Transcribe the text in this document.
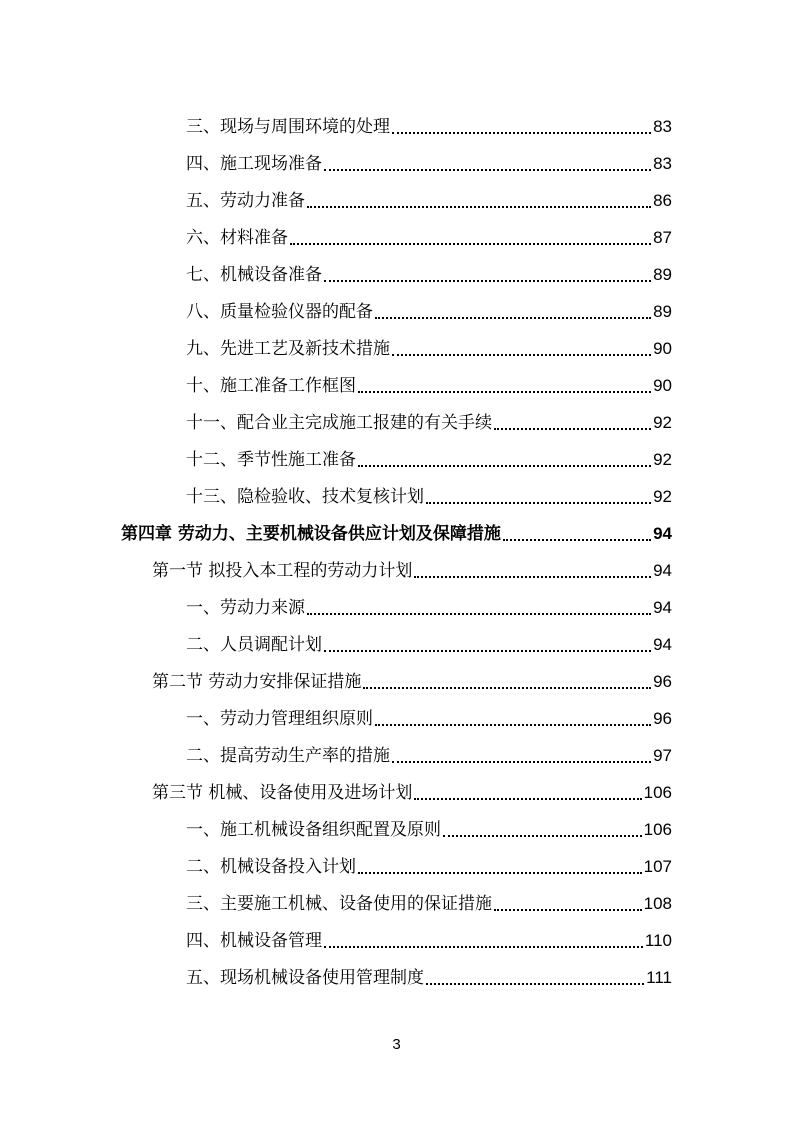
三、现场与周围环境的处理	83
四、施工现场准备	83
五、劳动力准备	86
六、材料准备	87
七、机械设备准备	89
八、质量检验仪器的配备	89
九、先进工艺及新技术措施	90
十、施工准备工作框图	90
十一、配合业主完成施工报建的有关手续	92
十二、季节性施工准备	92
十三、隐检验收、技术复核计划	92
第四章 劳动力、主要机械设备供应计划及保障措施	94
第一节 拟投入本工程的劳动力计划	94
一、劳动力来源	94
二、人员调配计划	94
第二节 劳动力安排保证措施	96
一、劳动力管理组织原则	96
二、提高劳动生产率的措施	97
第三节 机械、设备使用及进场计划	106
一、施工机械设备组织配置及原则	106
二、机械设备投入计划	107
三、主要施工机械、设备使用的保证措施	108
四、机械设备管理	110
五、现场机械设备使用管理制度	111
3
